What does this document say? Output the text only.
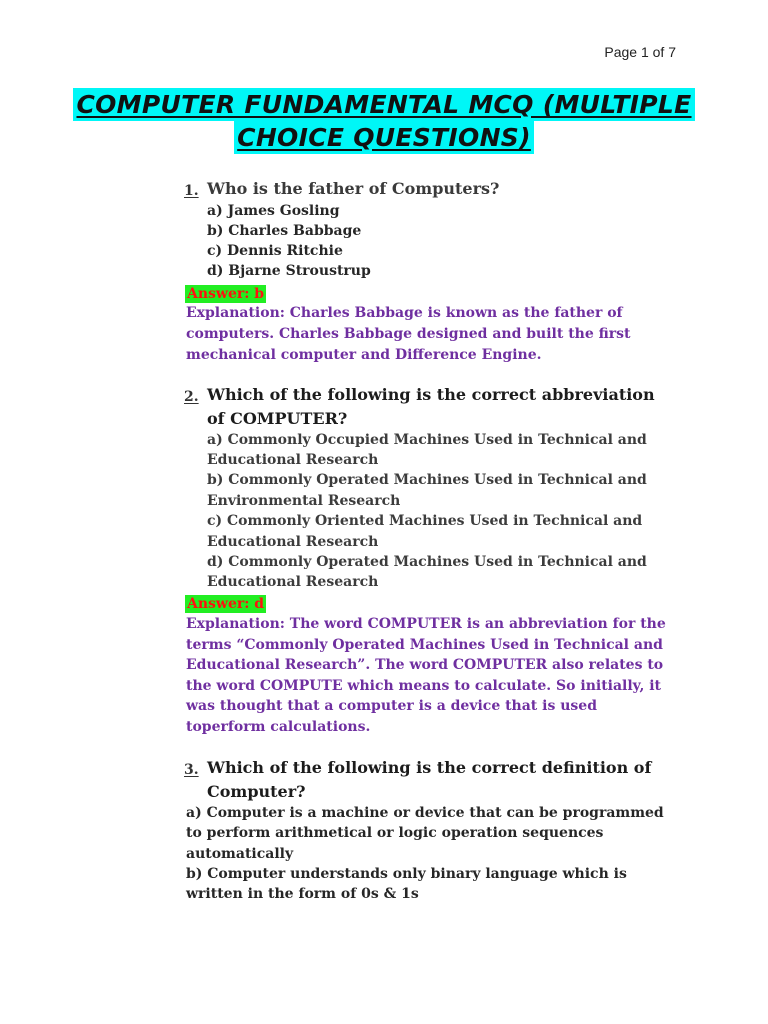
Page 1 of 7
COMPUTER FUNDAMENTAL MCQ (MULTIPLE
CHOICE QUESTIONS)
1. Who is the father of Computers?
a) James Gosling
b) Charles Babbage
c) Dennis Ritchie
d) Bjarne Stroustrup
Answer: b
Explanation: Charles Babbage is known as the father of
computers. Charles Babbage designed and built the first
mechanical computer and Difference Engine.
2. Which of the following is the correct abbreviation
of COMPUTER?
a) Commonly Occupied Machines Used in Technical and
Educational Research
b) Commonly Operated Machines Used in Technical and
Environmental Research
c) Commonly Oriented Machines Used in Technical and
Educational Research
d) Commonly Operated Machines Used in Technical and
Educational Research
Answer: d
Explanation: The word COMPUTER is an abbreviation for the
terms “Commonly Operated Machines Used in Technical and
Educational Research”. The word COMPUTER also relates to
the word COMPUTE which means to calculate. So initially, it
was thought that a computer is a device that is used
toperform calculations.
3. Which of the following is the correct definition of
Computer?
a) Computer is a machine or device that can be programmed
to perform arithmetical or logic operation sequences
automatically
b) Computer understands only binary language which is
written in the form of 0s & 1s
